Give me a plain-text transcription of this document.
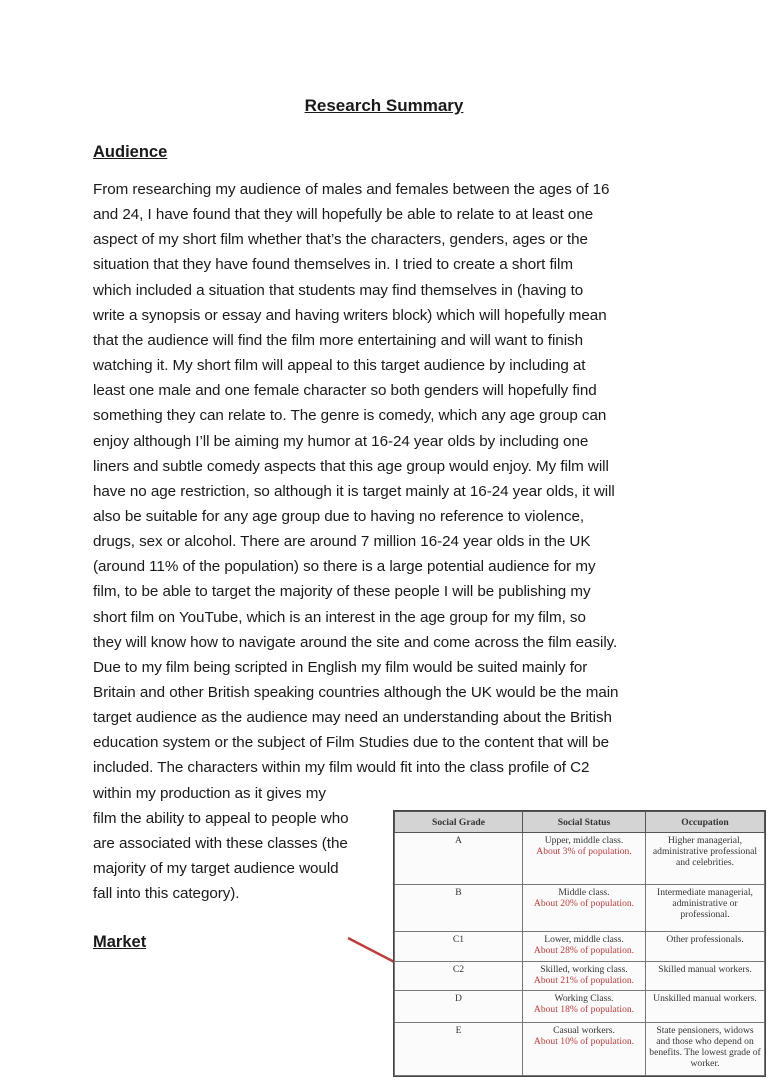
Research Summary
Audience
From researching my audience of males and females between the ages of 16
and 24, I have found that they will hopefully be able to relate to at least one
aspect of my short film whether that’s the characters, genders, ages or the
situation that they have found themselves in. I tried to create a short film
which included a situation that students may find themselves in (having to
write a synopsis or essay and having writers block) which will hopefully mean
that the audience will find the film more entertaining and will want to finish
watching it. My short film will appeal to this target audience by including at
least one male and one female character so both genders will hopefully find
something they can relate to. The genre is comedy, which any age group can
enjoy although I’ll be aiming my humor at 16-24 year olds by including one
liners and subtle comedy aspects that this age group would enjoy. My film will
have no age restriction, so although it is target mainly at 16-24 year olds, it will
also be suitable for any age group due to having no reference to violence,
drugs, sex or alcohol. There are around 7 million 16-24 year olds in the UK
(around 11% of the population) so there is a large potential audience for my
film, to be able to target the majority of these people I will be publishing my
short film on YouTube, which is an interest in the age group for my film, so
they will know how to navigate around the site and come across the film easily.
Due to my film being scripted in English my film would be suited mainly for
Britain and other British speaking countries although the UK would be the main
target audience as the audience may need an understanding about the British
education system or the subject of Film Studies due to the content that will be
included. The characters within my film would fit into the class profile of C2
within my production as it gives my
film the ability to appeal to people who
are associated with these classes (the
majority of my target audience would
fall into this category).
Market
Social Grade	Social Status	Occupation
A	Upper, middle class.
About 3% of population.	Higher managerial, administrative professional and celebrities.
B	Middle class.
About 20% of population.	Intermediate managerial, administrative or professional.
C1	Lower, middle class.
About 28% of population.	Other professionals.
C2	Skilled, working class.
About 21% of population.	Skilled manual workers.
D	Working Class.
About 18% of population.	Unskilled manual workers.
E	Casual workers.
About 10% of population.	State pensioners, widows and those who depend on benefits. The lowest grade of worker.
